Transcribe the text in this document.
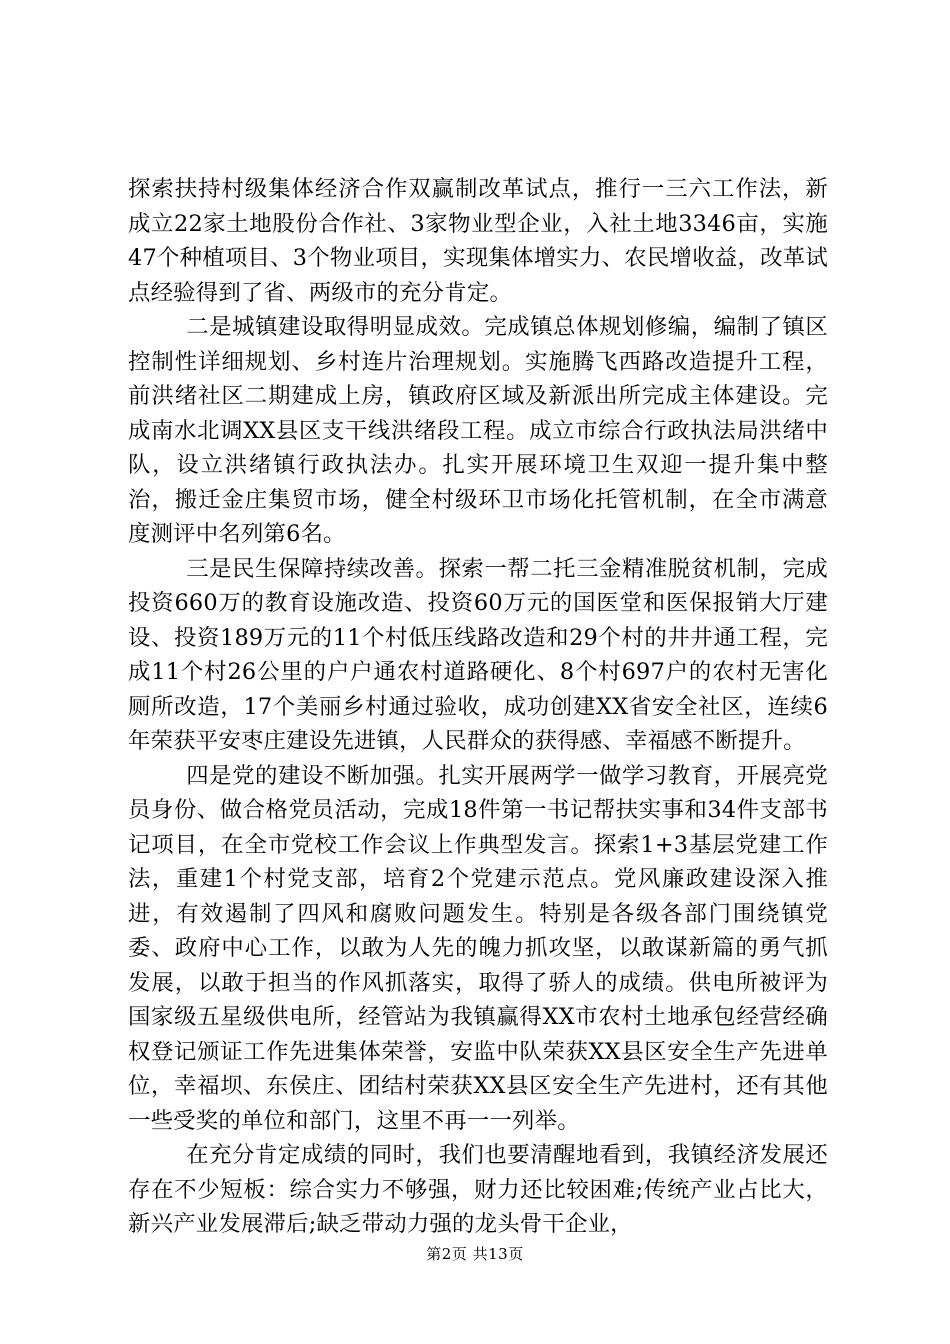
探索扶持村级集体经济合作双赢制改革试点，推行一三六工作法，新成立22家土地股份合作社、3家物业型企业，入社土地3346亩，实施47个种植项目、3个物业项目，实现集体增实力、农民增收益，改革试点经验得到了省、两级市的充分肯定。

二是城镇建设取得明显成效。完成镇总体规划修编，编制了镇区控制性详细规划、乡村连片治理规划。实施腾飞西路改造提升工程，前洪绪社区二期建成上房，镇政府区域及新派出所完成主体建设。完成南水北调XX县区支干线洪绪段工程。成立市综合行政执法局洪绪中队，设立洪绪镇行政执法办。扎实开展环境卫生双迎一提升集中整治，搬迁金庄集贸市场，健全村级环卫市场化托管机制，在全市满意度测评中名列第6名。

三是民生保障持续改善。探索一帮二托三金精准脱贫机制，完成投资660万的教育设施改造、投资60万元的国医堂和医保报销大厅建设、投资189万元的11个村低压线路改造和29个村的井井通工程，完成11个村26公里的户户通农村道路硬化、8个村697户的农村无害化厕所改造，17个美丽乡村通过验收，成功创建XX省安全社区，连续6年荣获平安枣庄建设先进镇，人民群众的获得感、幸福感不断提升。

四是党的建设不断加强。扎实开展两学一做学习教育，开展亮党员身份、做合格党员活动，完成18件第一书记帮扶实事和34件支部书记项目，在全市党校工作会议上作典型发言。探索1+3基层党建工作法，重建1个村党支部，培育2个党建示范点。党风廉政建设深入推进，有效遏制了四风和腐败问题发生。特别是各级各部门围绕镇党委、政府中心工作，以敢为人先的魄力抓攻坚，以敢谋新篇的勇气抓发展，以敢于担当的作风抓落实，取得了骄人的成绩。供电所被评为国家级五星级供电所，经管站为我镇赢得XX市农村土地承包经营经确权登记颁证工作先进集体荣誉，安监中队荣获XX县区安全生产先进单位，幸福坝、东侯庄、团结村荣获XX县区安全生产先进村，还有其他一些受奖的单位和部门，这里不再一一列举。

在充分肯定成绩的同时，我们也要清醒地看到，我镇经济发展还存在不少短板：综合实力不够强，财力还比较困难;传统产业占比大，新兴产业发展滞后;缺乏带动力强的龙头骨干企业，

第2页 共13页
